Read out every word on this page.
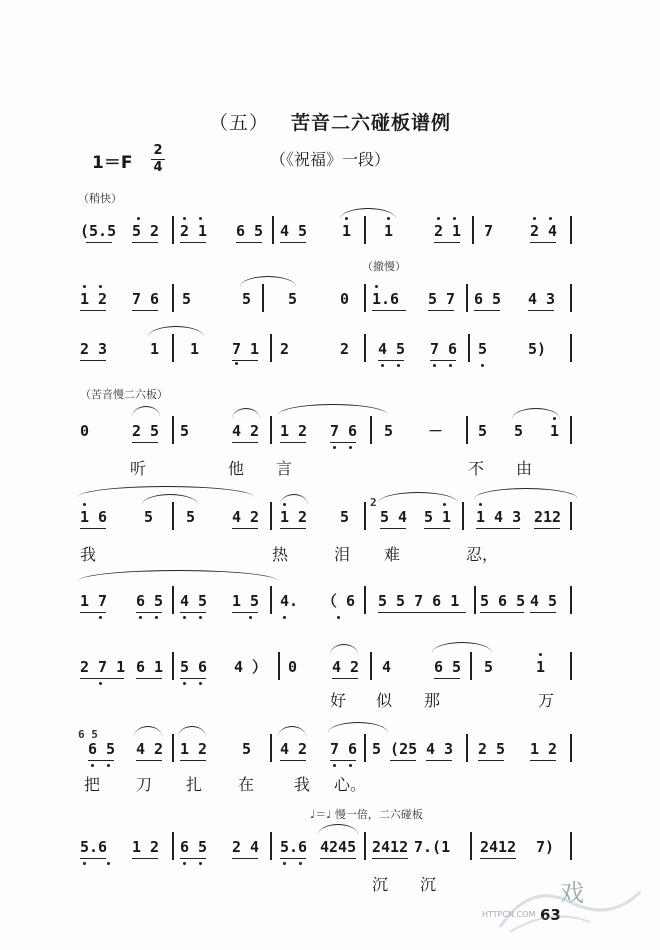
（五） 苦音二六碰板谱例
1＝F
2
4	（《祝福》一段）
（稍快）
（撤慢）
（苦音慢二六板）
(5.5 5 2 2 1 6 5 4 5 1 1	2 1 7 2 4
1 2 7 6 5	5 5	0 1.6 5 7 6 5 4 3
2 3	1 1 7 1 2	2 4 5 7 6 5	5)
0	2 5 5	4 2 1 2 7 6 5 － 5 5 1
听	他 言	不 由
1 6 5 5 4 2 1 2 5
2
5 4 5 1 1 4 3 212
我	热	泪 难	忍，
1 7 6 5 4 5 1 5 4. （ 6 5 5 7 6 1 5 6 5 4 5
2 7 1 6 1 5 6 4 ） 0 4 2 4	6 5 5	1
好 似 那	万
6 5
6 5 4 2 1 2 5 4 2 7 6 5 (25 4 3 2 5 1 2
把 刀 扎 在 我 心。
♩＝♩ 慢一倍，二六碰板
5.6 1 2 6 5 2 4 5.6 4245 2412 7.(1 2412 7)
沉 沉
63
戏
HTTPCN.COM
